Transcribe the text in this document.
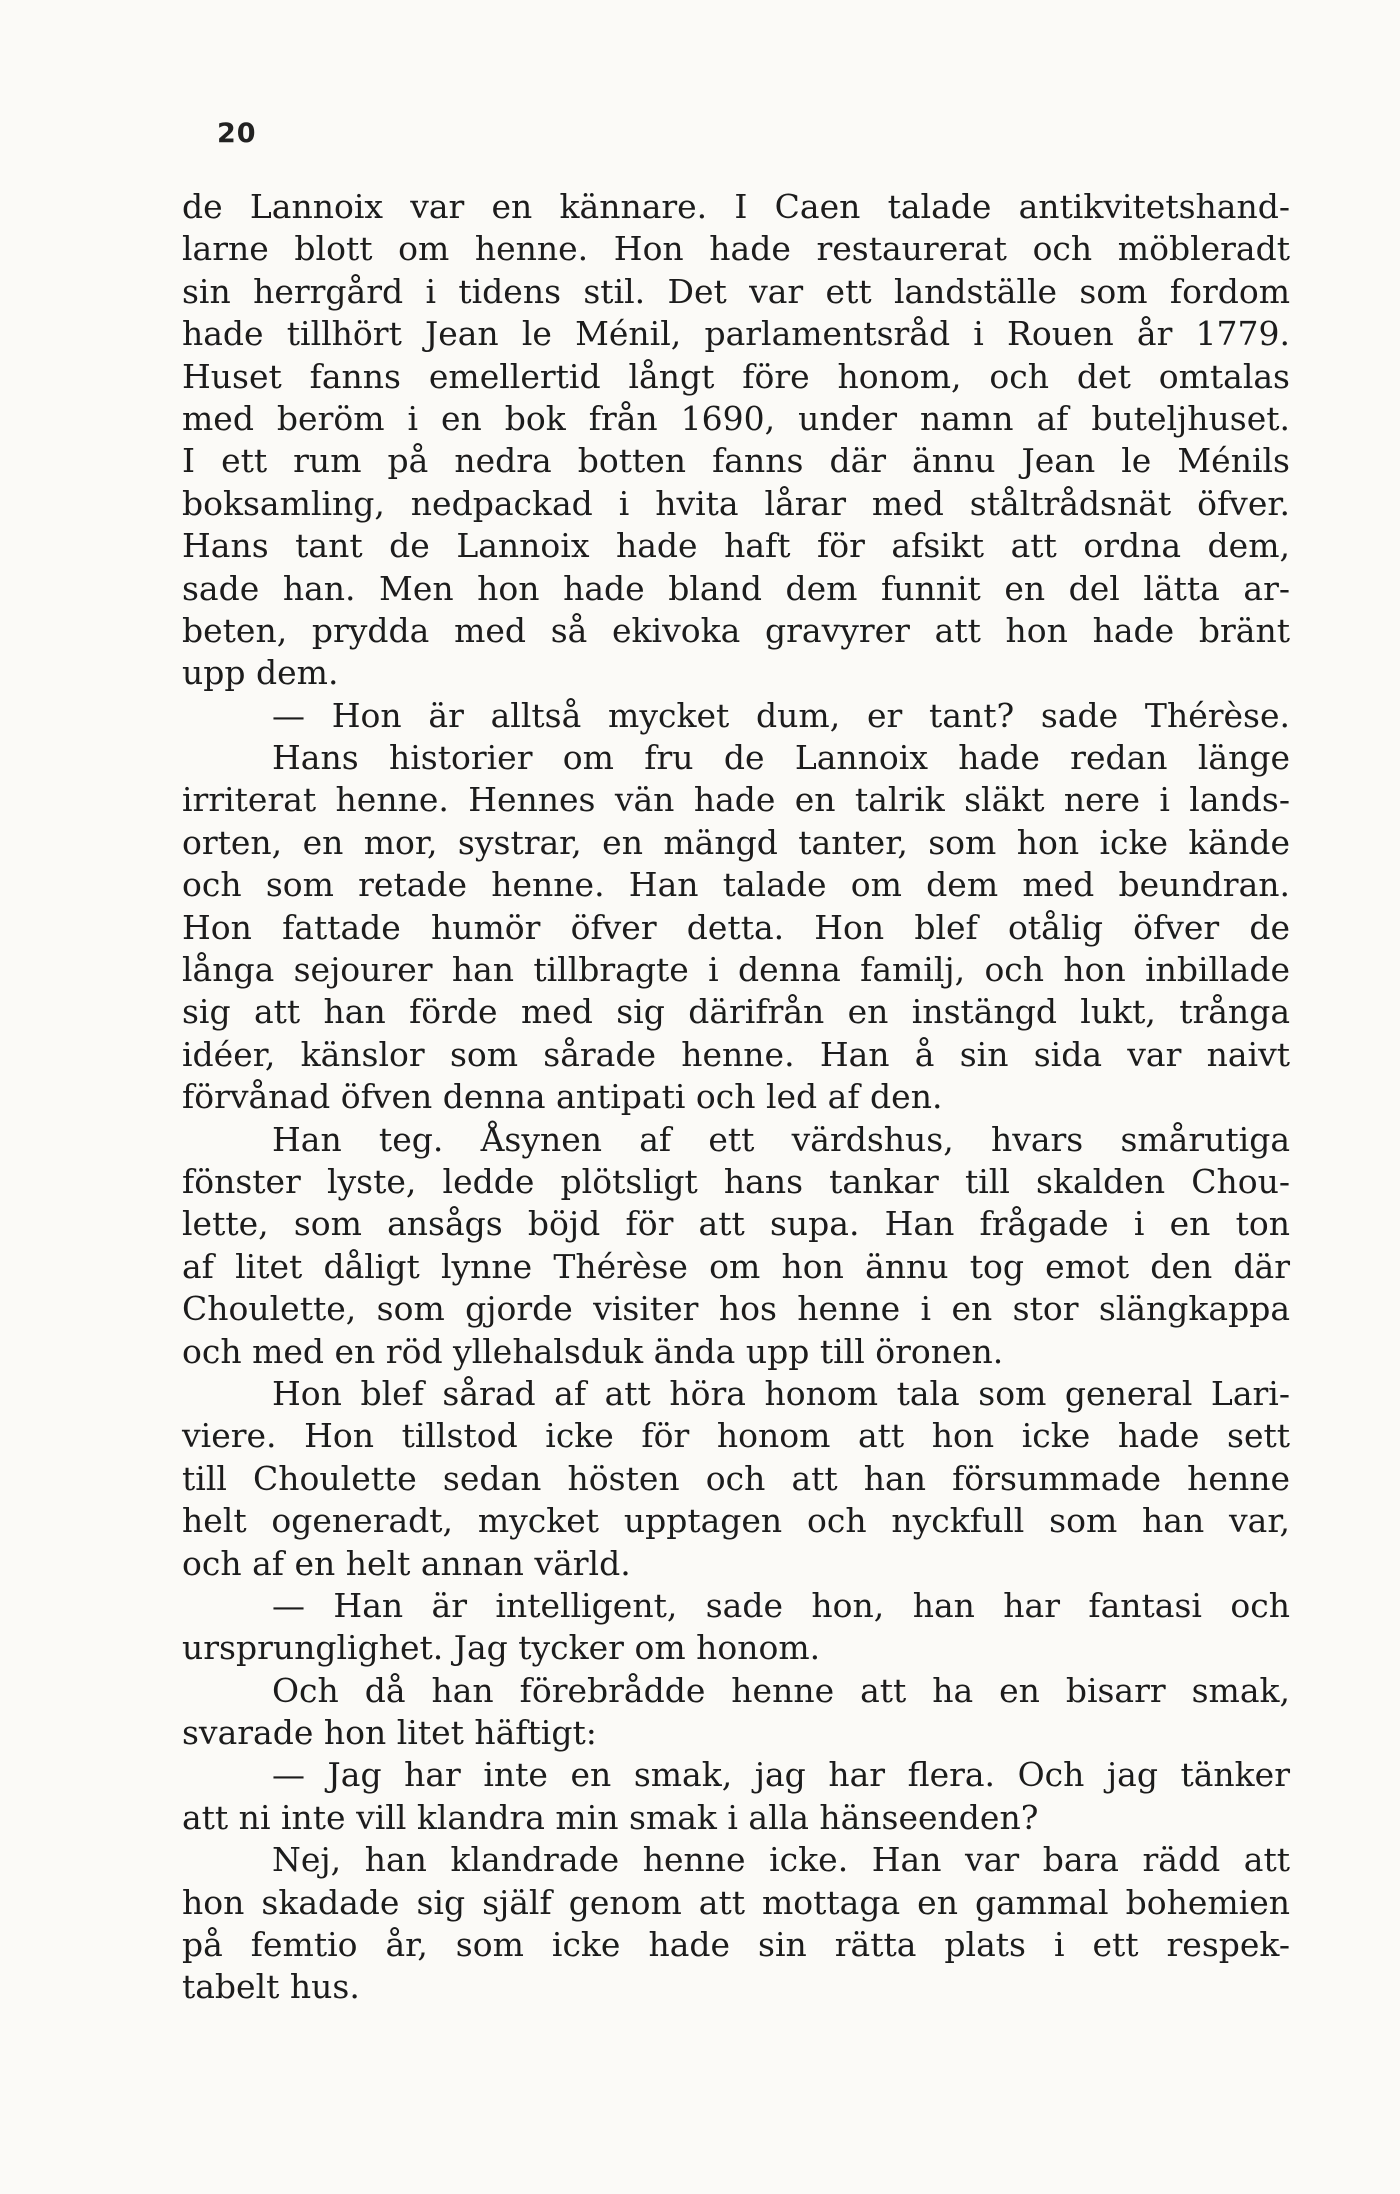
20
de Lannoix var en kännare. I Caen talade antikvitetshand-
larne blott om henne. Hon hade restaurerat och möbleradt
sin herrgård i tidens stil. Det var ett landställe som fordom
hade tillhört Jean le Ménil, parlamentsråd i Rouen år 1779.
Huset fanns emellertid långt före honom, och det omtalas
med beröm i en bok från 1690, under namn af buteljhuset.
I ett rum på nedra botten fanns där ännu Jean le Ménils
boksamling, nedpackad i hvita lårar med ståltrådsnät öfver.
Hans tant de Lannoix hade haft för afsikt att ordna dem,
sade han. Men hon hade bland dem funnit en del lätta ar-
beten, prydda med så ekivoka gravyrer att hon hade bränt
upp dem.
— Hon är alltså mycket dum, er tant? sade Thérèse.
Hans historier om fru de Lannoix hade redan länge
irriterat henne. Hennes vän hade en talrik släkt nere i lands-
orten, en mor, systrar, en mängd tanter, som hon icke kände
och som retade henne. Han talade om dem med beundran.
Hon fattade humör öfver detta. Hon blef otålig öfver de
långa sejourer han tillbragte i denna familj, och hon inbillade
sig att han förde med sig därifrån en instängd lukt, trånga
idéer, känslor som sårade henne. Han å sin sida var naivt
förvånad öfven denna antipati och led af den.
Han teg. Åsynen af ett värdshus, hvars smårutiga
fönster lyste, ledde plötsligt hans tankar till skalden Chou-
lette, som ansågs böjd för att supa. Han frågade i en ton
af litet dåligt lynne Thérèse om hon ännu tog emot den där
Choulette, som gjorde visiter hos henne i en stor slängkappa
och med en röd yllehalsduk ända upp till öronen.
Hon blef sårad af att höra honom tala som general Lari-
viere. Hon tillstod icke för honom att hon icke hade sett
till Choulette sedan hösten och att han försummade henne
helt ogeneradt, mycket upptagen och nyckfull som han var,
och af en helt annan värld.
— Han är intelligent, sade hon, han har fantasi och
ursprunglighet. Jag tycker om honom.
Och då han förebrådde henne att ha en bisarr smak,
svarade hon litet häftigt:
— Jag har inte en smak, jag har flera. Och jag tänker
att ni inte vill klandra min smak i alla hänseenden?
Nej, han klandrade henne icke. Han var bara rädd att
hon skadade sig själf genom att mottaga en gammal bohemien
på femtio år, som icke hade sin rätta plats i ett respek-
tabelt hus.
